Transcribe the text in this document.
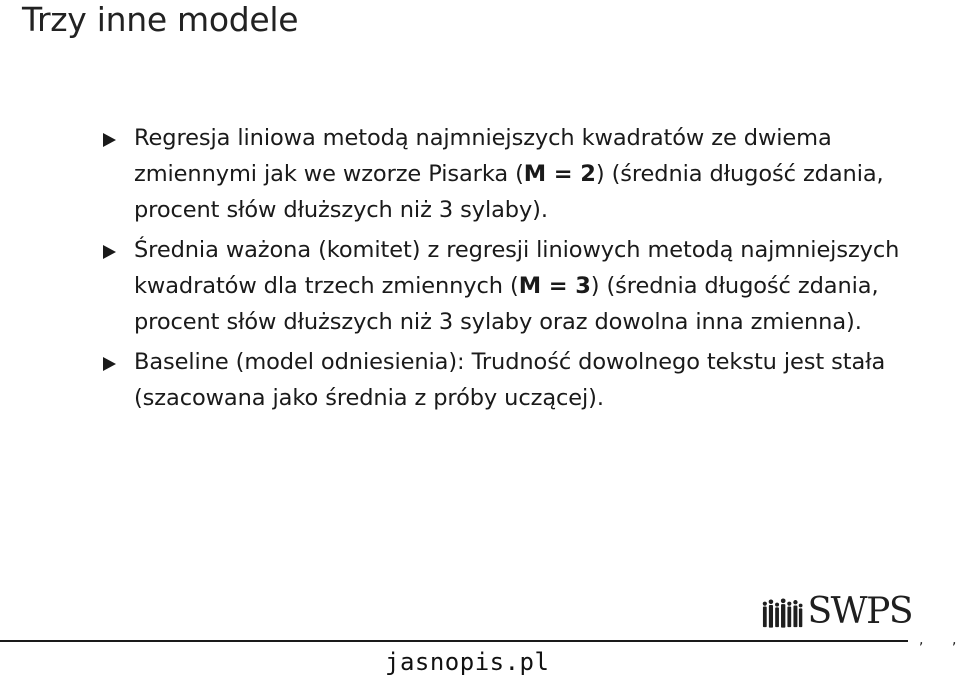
Trzy inne modele
Regresja liniowa metodą najmniejszych kwadratów ze dwiema zmiennymi jak we wzorze Pisarka (M = 2) (średnia długość zdania, procent słów dłuższych niż 3 sylaby).
Średnia ważona (komitet) z regresji liniowych metodą najmniejszych kwadratów dla trzech zmiennych (M = 3) (średnia długość zdania, procent słów dłuższych niż 3 sylaby oraz dowolna inna zmienna).
Baseline (model odniesienia): Trudność dowolnego tekstu jest stała (szacowana jako średnia z próby uczącej).
SWPS
, ,
jasnopis.pl
